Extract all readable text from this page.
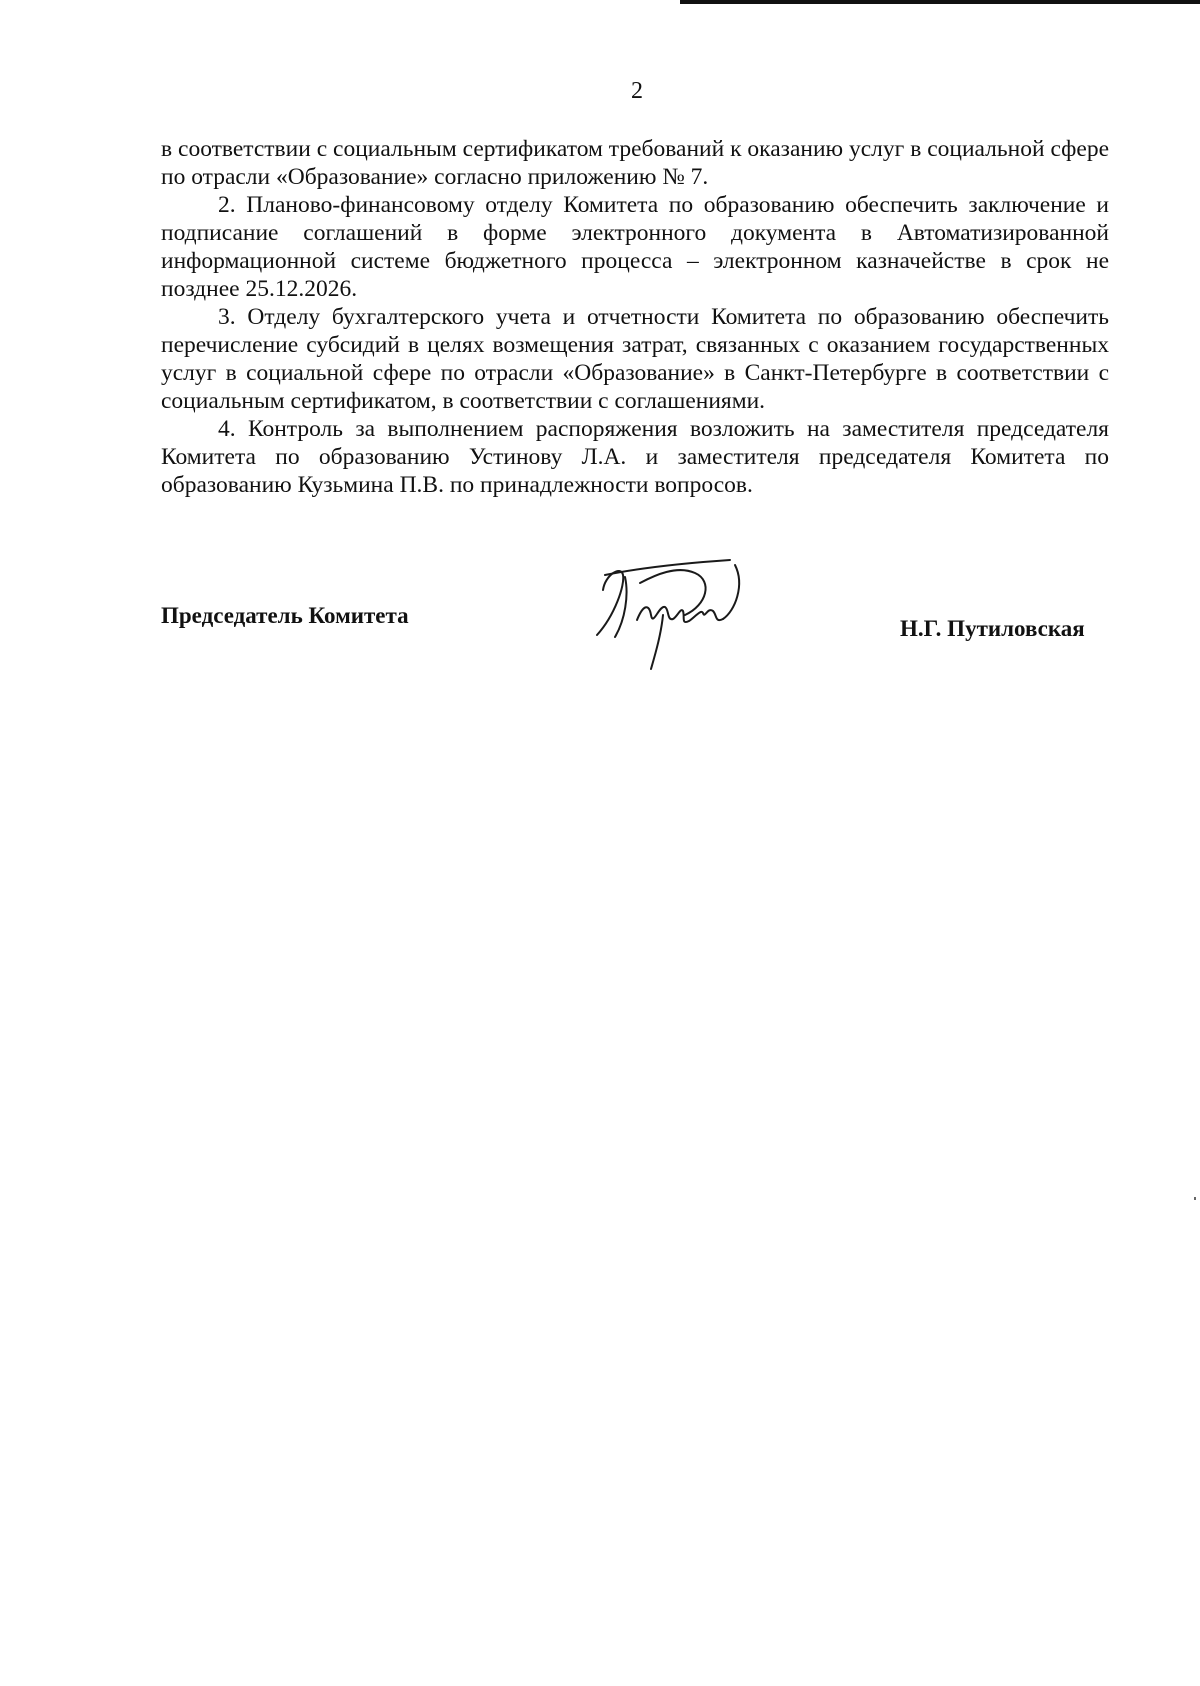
2

в соответствии с социальным сертификатом требований к оказанию услуг в социальной сфере по отрасли «Образование» согласно приложению № 7.

2. Планово-финансовому отделу Комитета по образованию обеспечить заключение и подписание соглашений в форме электронного документа в Автоматизированной информационной системе бюджетного процесса – электронном казначействе в срок не позднее 25.12.2026.

3. Отделу бухгалтерского учета и отчетности Комитета по образованию обеспечить перечисление субсидий в целях возмещения затрат, связанных с оказанием государственных услуг в социальной сфере по отрасли «Образование» в Санкт-Петербурге в соответствии с социальным сертификатом, в соответствии с соглашениями.

4. Контроль за выполнением распоряжения возложить на заместителя председателя Комитета по образованию Устинову Л.А. и заместителя председателя Комитета по образованию Кузьмина П.В. по принадлежности вопросов.

Председатель Комитета
Н.Г. Путиловская
